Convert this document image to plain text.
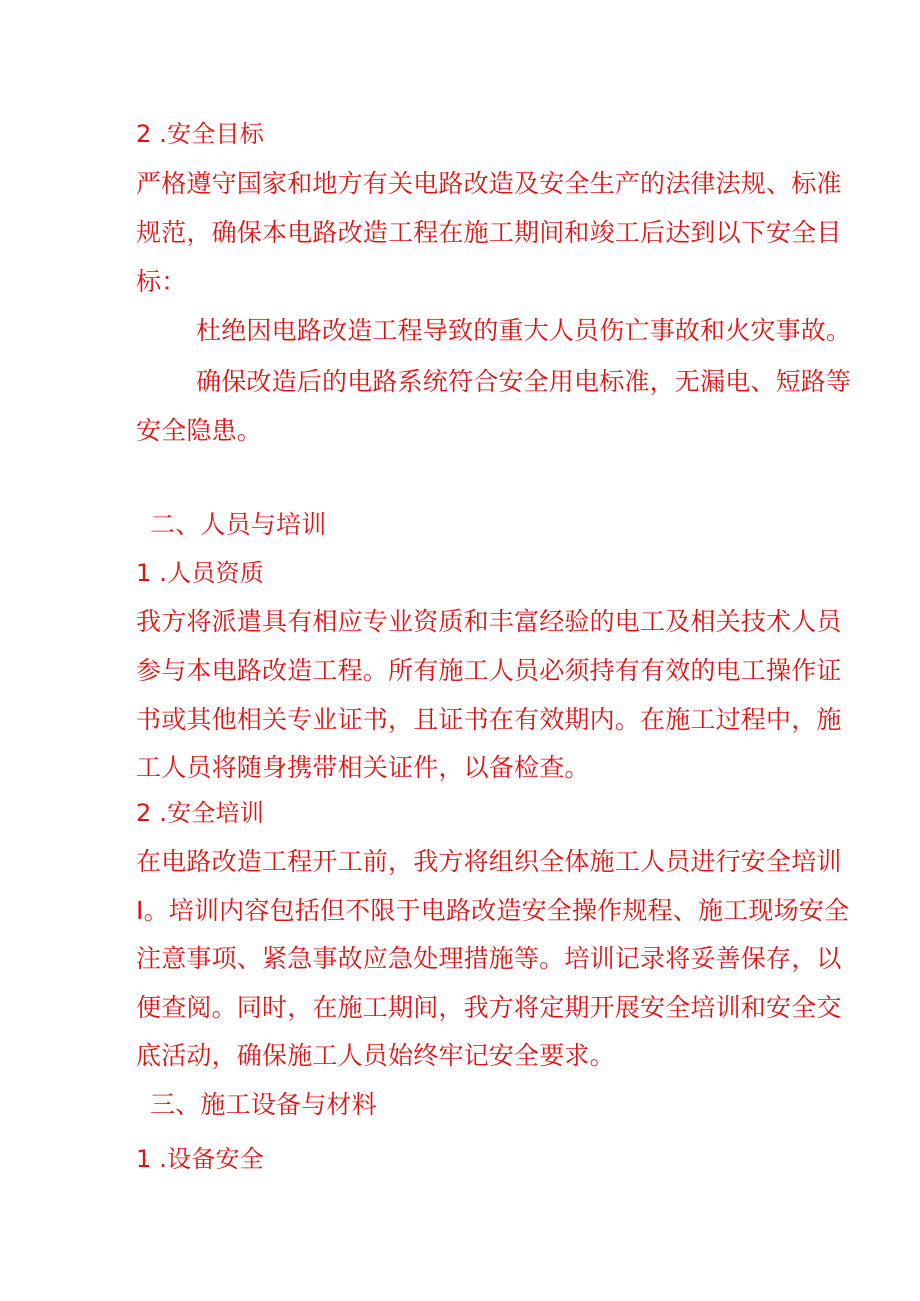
2 .安全目标
严格遵守国家和地方有关电路改造及安全生产的法律法规、标准
规范，确保本电路改造工程在施工期间和竣工后达到以下安全目
标：
杜绝因电路改造工程导致的重大人员伤亡事故和火灾事故。
确保改造后的电路系统符合安全用电标准，无漏电、短路等
安全隐患。
二、人员与培训
1 .人员资质
我方将派遣具有相应专业资质和丰富经验的电工及相关技术人员
参与本电路改造工程。所有施工人员必须持有有效的电工操作证
书或其他相关专业证书，且证书在有效期内。在施工过程中，施
工人员将随身携带相关证件，以备检查。
2 .安全培训
在电路改造工程开工前，我方将组织全体施工人员进行安全培训
I。培训内容包括但不限于电路改造安全操作规程、施工现场安全
注意事项、紧急事故应急处理措施等。培训记录将妥善保存，以
便查阅。同时，在施工期间，我方将定期开展安全培训和安全交
底活动，确保施工人员始终牢记安全要求。
三、施工设备与材料
1 .设备安全
